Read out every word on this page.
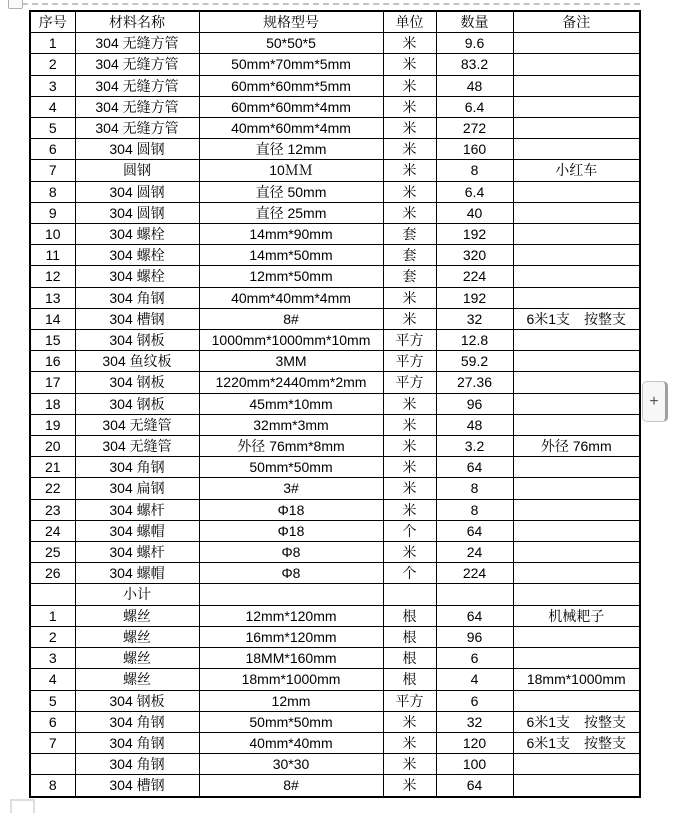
序号	材料名称	规格型号	单位	数量	备注
1	304 无缝方管	50*50*5	米	9.6	
2	304 无缝方管	50mm*70mm*5mm	米	83.2	
3	304 无缝方管	60mm*60mm*5mm	米	48	
4	304 无缝方管	60mm*60mm*4mm	米	6.4	
5	304 无缝方管	40mm*60mm*4mm	米	272	
6	304 圆钢	直径 12mm	米	160	
7	圆钢	10ＭＭ	米	8	小红车
8	304 圆钢	直径 50mm	米	6.4	
9	304 圆钢	直径 25mm	米	40	
10	304 螺栓	14mm*90mm	套	192	
11	304 螺栓	14mm*50mm	套	320	
12	304 螺栓	12mm*50mm	套	224	
13	304 角钢	40mm*40mm*4mm	米	192	
14	304 槽钢	8#	米	32	6米1支　按整支
15	304 钢板	1000mm*1000mm*10mm	平方	12.8	
16	304 鱼纹板	3MM	平方	59.2	
17	304 钢板	1220mm*2440mm*2mm	平方	27.36	
18	304 钢板	45mm*10mm	米	96	
19	304 无缝管	32mm*3mm	米	48	
20	304 无缝管	外径 76mm*8mm	米	3.2	外径 76mm
21	304 角钢	50mm*50mm	米	64	
22	304 扁钢	3#	米	8	
23	304 螺杆	Φ18	米	8	
24	304 螺帽	Φ18	个	64	
25	304 螺杆	Φ8	米	24	
26	304 螺帽	Φ8	个	224	
	小计				
1	螺丝	12mm*120mm	根	64	机械耙子
2	螺丝	16mm*120mm	根	96	
3	螺丝	18MM*160mm	根	6	
4	螺丝	18mm*1000mm	根	4	18mm*1000mm
5	304 钢板	12mm	平方	6	
6	304 角钢	50mm*50mm	米	32	6米1支　按整支
7	304 角钢	40mm*40mm	米	120	6米1支　按整支
	304 角钢	30*30	米	100	
8	304 槽钢	8#	米	64	
+
